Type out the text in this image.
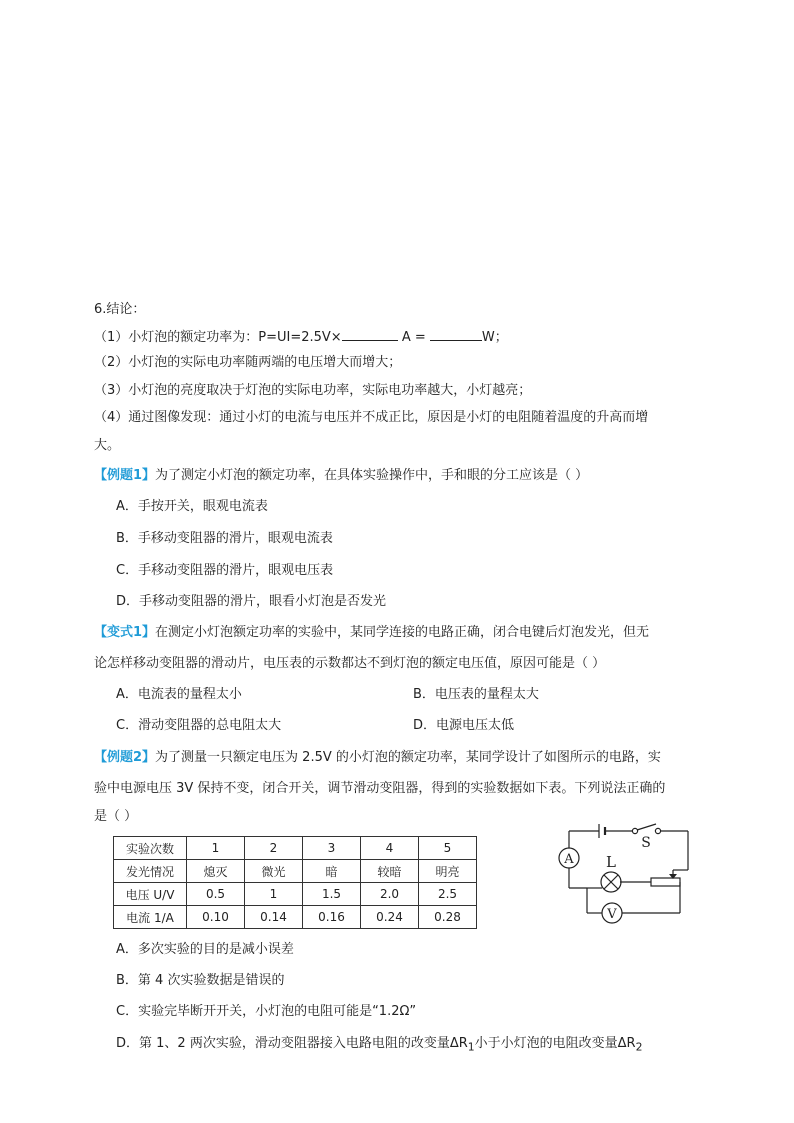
6.结论：
（1）小灯泡的额定功率为：P=UI=2.5V×	A =	W；
（2）小灯泡的实际电功率随两端的电压增大而增大；
（3）小灯泡的亮度取决于灯泡的实际电功率，实际电功率越大，小灯越亮；
（4）通过图像发现：通过小灯的电流与电压并不成正比，原因是小灯的电阻随着温度的升高而增
大。
【例题1】为了测定小灯泡的额定功率，在具体实验操作中，手和眼的分工应该是（ ）
A．手按开关，眼观电流表
B．手移动变阻器的滑片，眼观电流表
C．手移动变阻器的滑片，眼观电压表
D．手移动变阻器的滑片，眼看小灯泡是否发光
【变式1】在测定小灯泡额定功率的实验中，某同学连接的电路正确，闭合电键后灯泡发光，但无
论怎样移动变阻器的滑动片，电压表的示数都达不到灯泡的额定电压值，原因可能是（ ）
A．电流表的量程太小	B．电压表的量程太大
C．滑动变阻器的总电阻太大	D．电源电压太低
【例题2】为了测量一只额定电压为 2.5V 的小灯泡的额定功率，某同学设计了如图所示的电路，实
验中电源电压 3V 保持不变，闭合开关，调节滑动变阻器，得到的实验数据如下表。下列说法正确的
是（ ）
实验次数	1	2	3	4	5
发光情况	熄灭	微光	暗	较暗	明亮
电压 U/V	0.5	1	1.5	2.0	2.5
电流 1/A	0.10	0.14	0.16	0.24	0.28
A
V
L
S
A．多次实验的目的是减小误差
B．第 4 次实验数据是错误的
C．实验完毕断开开关，小灯泡的电阻可能是“1.2Ω”
D．第 1、2 两次实验，滑动变阻器接入电路电阻的改变量$\Delta R_1$小于小灯泡的电阻改变量$\Delta R_2$
